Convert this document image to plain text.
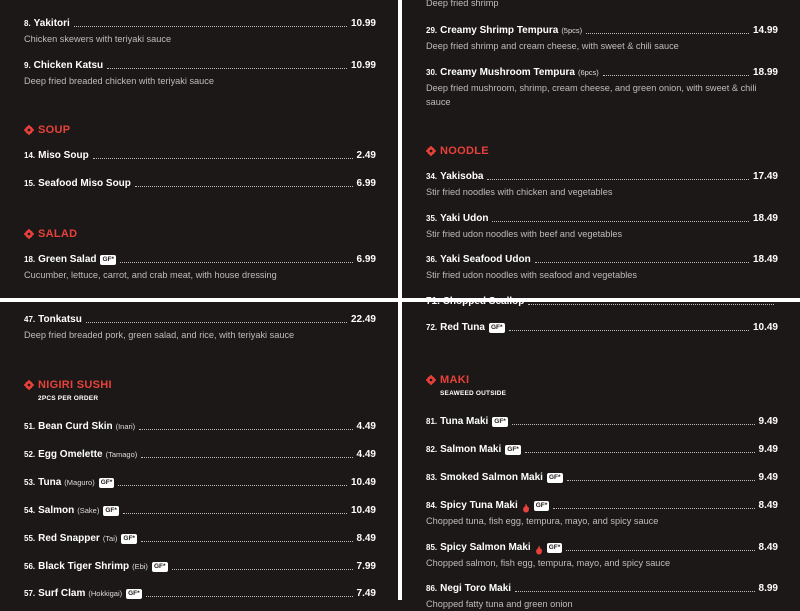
8. Yakitori	10.99
Chicken skewers with teriyaki sauce
9. Chicken Katsu	10.99
Deep fried breaded chicken with teriyaki sauce
SOUP
14. Miso Soup	2.49
15. Seafood Miso Soup	6.99
SALAD
18. Green Salad GF*	6.99
Cucumber, lettuce, carrot, and crab meat, with house dressing
Deep fried shrimp
29. Creamy Shrimp Tempura (5pcs)	14.99
Deep fried shrimp and cream cheese, with sweet & chili sauce
30. Creamy Mushroom Tempura (6pcs)	18.99
Deep fried mushroom, shrimp, cream cheese, and green onion, with sweet & chili sauce
NOODLE
34. Yakisoba	17.49
Stir fried noodles with chicken and vegetables
35. Yaki Udon	18.49
Stir fried udon noodles with beef and vegetables
36. Yaki Seafood Udon	18.49
Stir fried udon noodles with seafood and vegetables
47. Tonkatsu	22.49
Deep fried breaded pork, green salad, and rice, with teriyaki sauce
NIGIRI SUSHI
2PCS PER ORDER
51. Bean Curd Skin (Inari)	4.49
52. Egg Omelette (Tamago)	4.49
53. Tuna (Maguro) GF*	10.49
54. Salmon (Sake) GF*	10.49
55. Red Snapper (Tai) GF*	8.49
56. Black Tiger Shrimp (Ebi) GF*	7.99
57. Surf Clam (Hokkigai) GF*	7.49
72. Red Tuna GF*	10.49
MAKI
SEAWEED OUTSIDE
81. Tuna Maki GF*	9.49
82. Salmon Maki GF*	9.49
83. Smoked Salmon Maki GF*	9.49
84. Spicy Tuna Maki	GF*	8.49
Chopped tuna, fish egg, tempura, mayo, and spicy sauce
85. Spicy Salmon Maki	GF*	8.49
Chopped salmon, fish egg, tempura, mayo, and spicy sauce
86. Negi Toro Maki	8.99
Chopped fatty tuna and green onion
